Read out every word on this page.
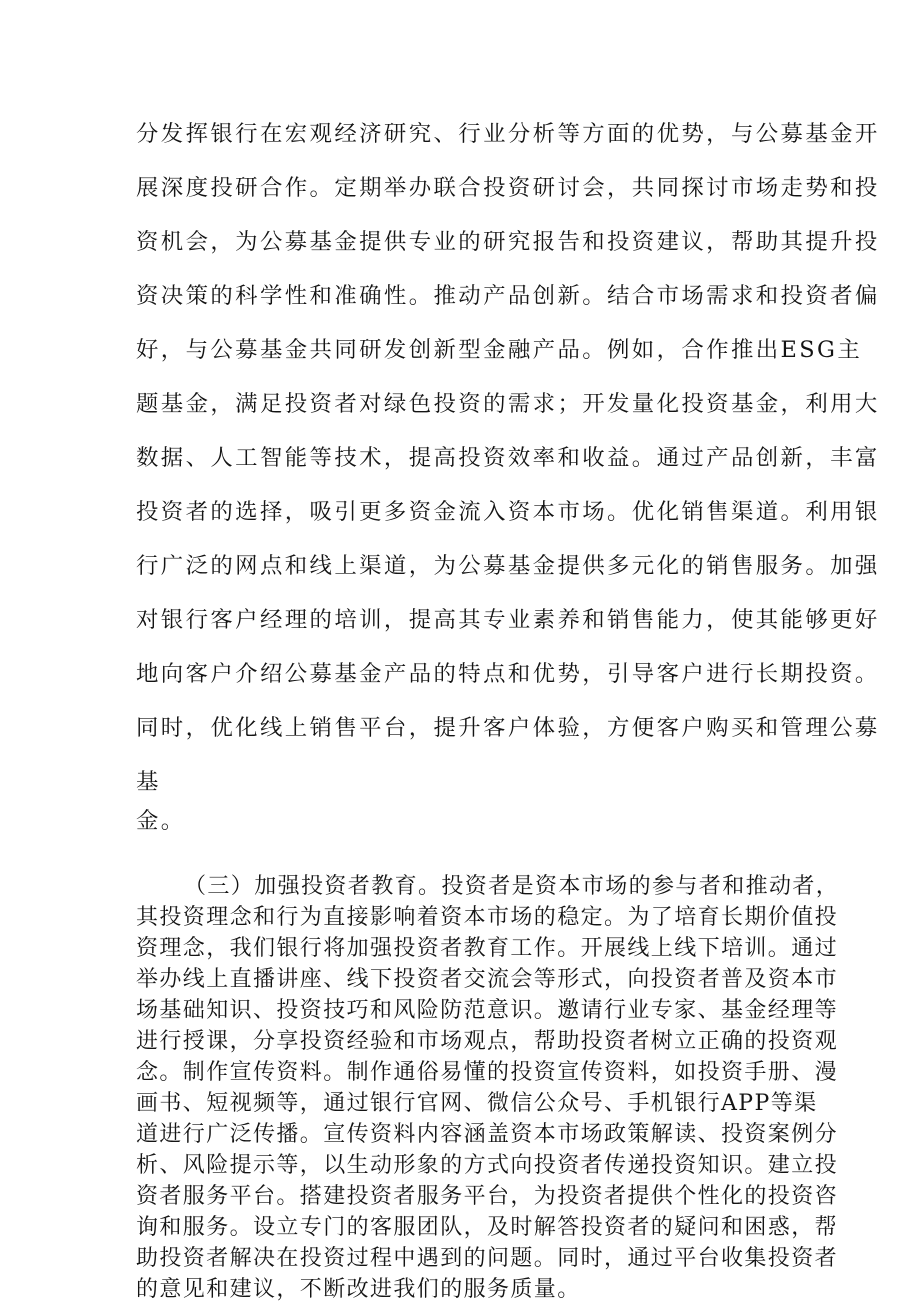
分发挥银行在宏观经济研究、行业分析等方面的优势，与公募基金开
展深度投研合作。定期举办联合投资研讨会，共同探讨市场走势和投
资机会，为公募基金提供专业的研究报告和投资建议，帮助其提升投
资决策的科学性和准确性。推动产品创新。结合市场需求和投资者偏
好，与公募基金共同研发创新型金融产品。例如，合作推出ESG主
题基金，满足投资者对绿色投资的需求；开发量化投资基金，利用大
数据、人工智能等技术，提高投资效率和收益。通过产品创新，丰富
投资者的选择，吸引更多资金流入资本市场。优化销售渠道。利用银
行广泛的网点和线上渠道，为公募基金提供多元化的销售服务。加强
对银行客户经理的培训，提高其专业素养和销售能力，使其能够更好
地向客户介绍公募基金产品的特点和优势，引导客户进行长期投资。
同时，优化线上销售平台，提升客户体验，方便客户购买和管理公募
基
金。
（三）加强投资者教育。投资者是资本市场的参与者和推动者，
其投资理念和行为直接影响着资本市场的稳定。为了培育长期价值投
资理念，我们银行将加强投资者教育工作。开展线上线下培训。通过
举办线上直播讲座、线下投资者交流会等形式，向投资者普及资本市
场基础知识、投资技巧和风险防范意识。邀请行业专家、基金经理等
进行授课，分享投资经验和市场观点，帮助投资者树立正确的投资观
念。制作宣传资料。制作通俗易懂的投资宣传资料，如投资手册、漫
画书、短视频等，通过银行官网、微信公众号、手机银行APP等渠
道进行广泛传播。宣传资料内容涵盖资本市场政策解读、投资案例分
析、风险提示等，以生动形象的方式向投资者传递投资知识。建立投
资者服务平台。搭建投资者服务平台，为投资者提供个性化的投资咨
询和服务。设立专门的客服团队，及时解答投资者的疑问和困惑，帮
助投资者解决在投资过程中遇到的问题。同时，通过平台收集投资者
的意见和建议，不断改进我们的服务质量。
